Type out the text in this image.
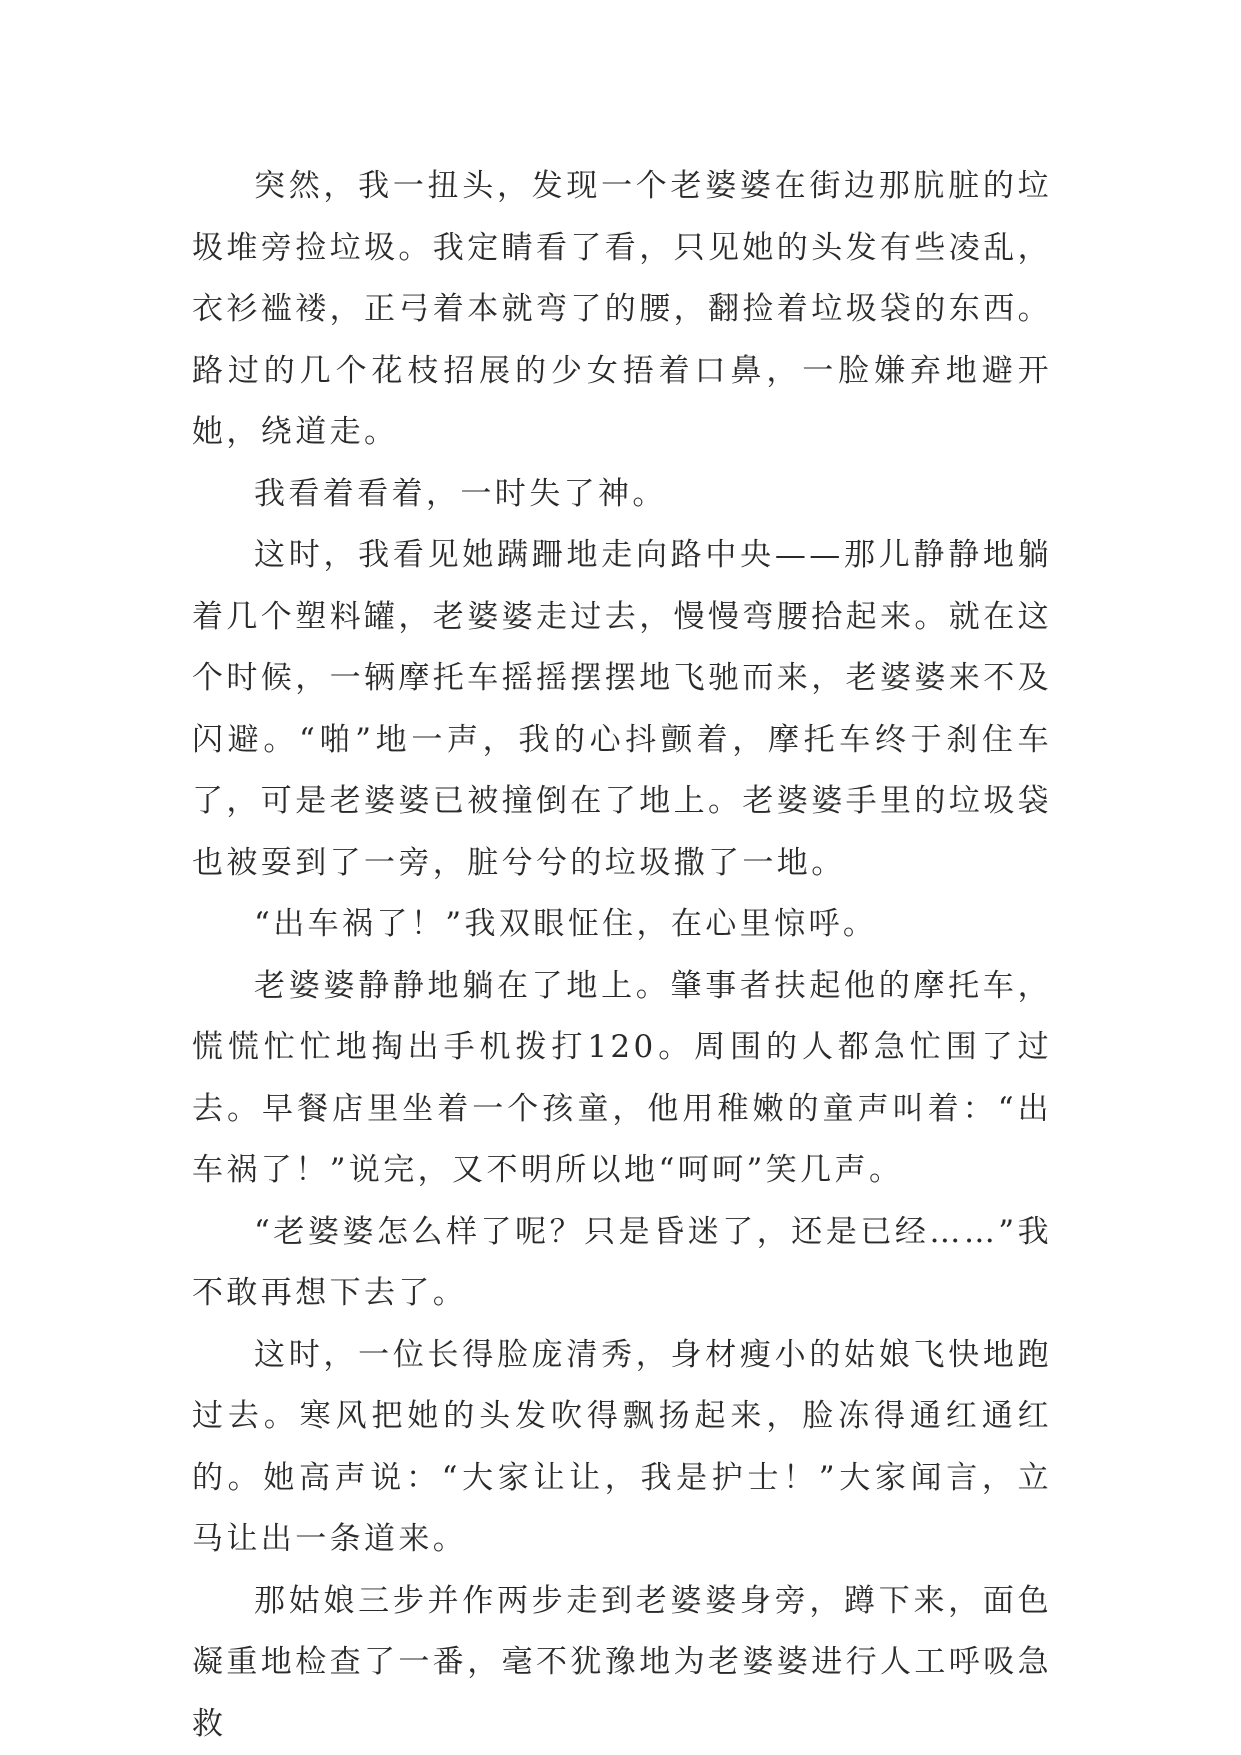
突然，我一扭头，发现一个老婆婆在街边那肮脏的垃圾堆旁捡垃圾。我定睛看了看，只见她的头发有些凌乱，衣衫褴褛，正弓着本就弯了的腰，翻捡着垃圾袋的东西。路过的几个花枝招展的少女捂着口鼻，一脸嫌弃地避开她，绕道走。

我看着看着，一时失了神。

这时，我看见她蹒跚地走向路中央——那儿静静地躺着几个塑料罐，老婆婆走过去，慢慢弯腰拾起来。就在这个时候，一辆摩托车摇摇摆摆地飞驰而来，老婆婆来不及闪避。“啪”地一声，我的心抖颤着，摩托车终于刹住车了，可是老婆婆已被撞倒在了地上。老婆婆手里的垃圾袋也被耍到了一旁，脏兮兮的垃圾撒了一地。

“出车祸了！”我双眼怔住，在心里惊呼。

老婆婆静静地躺在了地上。肇事者扶起他的摩托车，慌慌忙忙地掏出手机拨打120。周围的人都急忙围了过去。早餐店里坐着一个孩童，他用稚嫩的童声叫着：“出车祸了！”说完，又不明所以地“呵呵”笑几声。

“老婆婆怎么样了呢？只是昏迷了，还是已经……”我不敢再想下去了。

这时，一位长得脸庞清秀，身材瘦小的姑娘飞快地跑过去。寒风把她的头发吹得飘扬起来，脸冻得通红通红的。她高声说：“大家让让，我是护士！”大家闻言，立马让出一条道来。

那姑娘三步并作两步走到老婆婆身旁，蹲下来，面色凝重地检查了一番，毫不犹豫地为老婆婆进行人工呼吸急救
